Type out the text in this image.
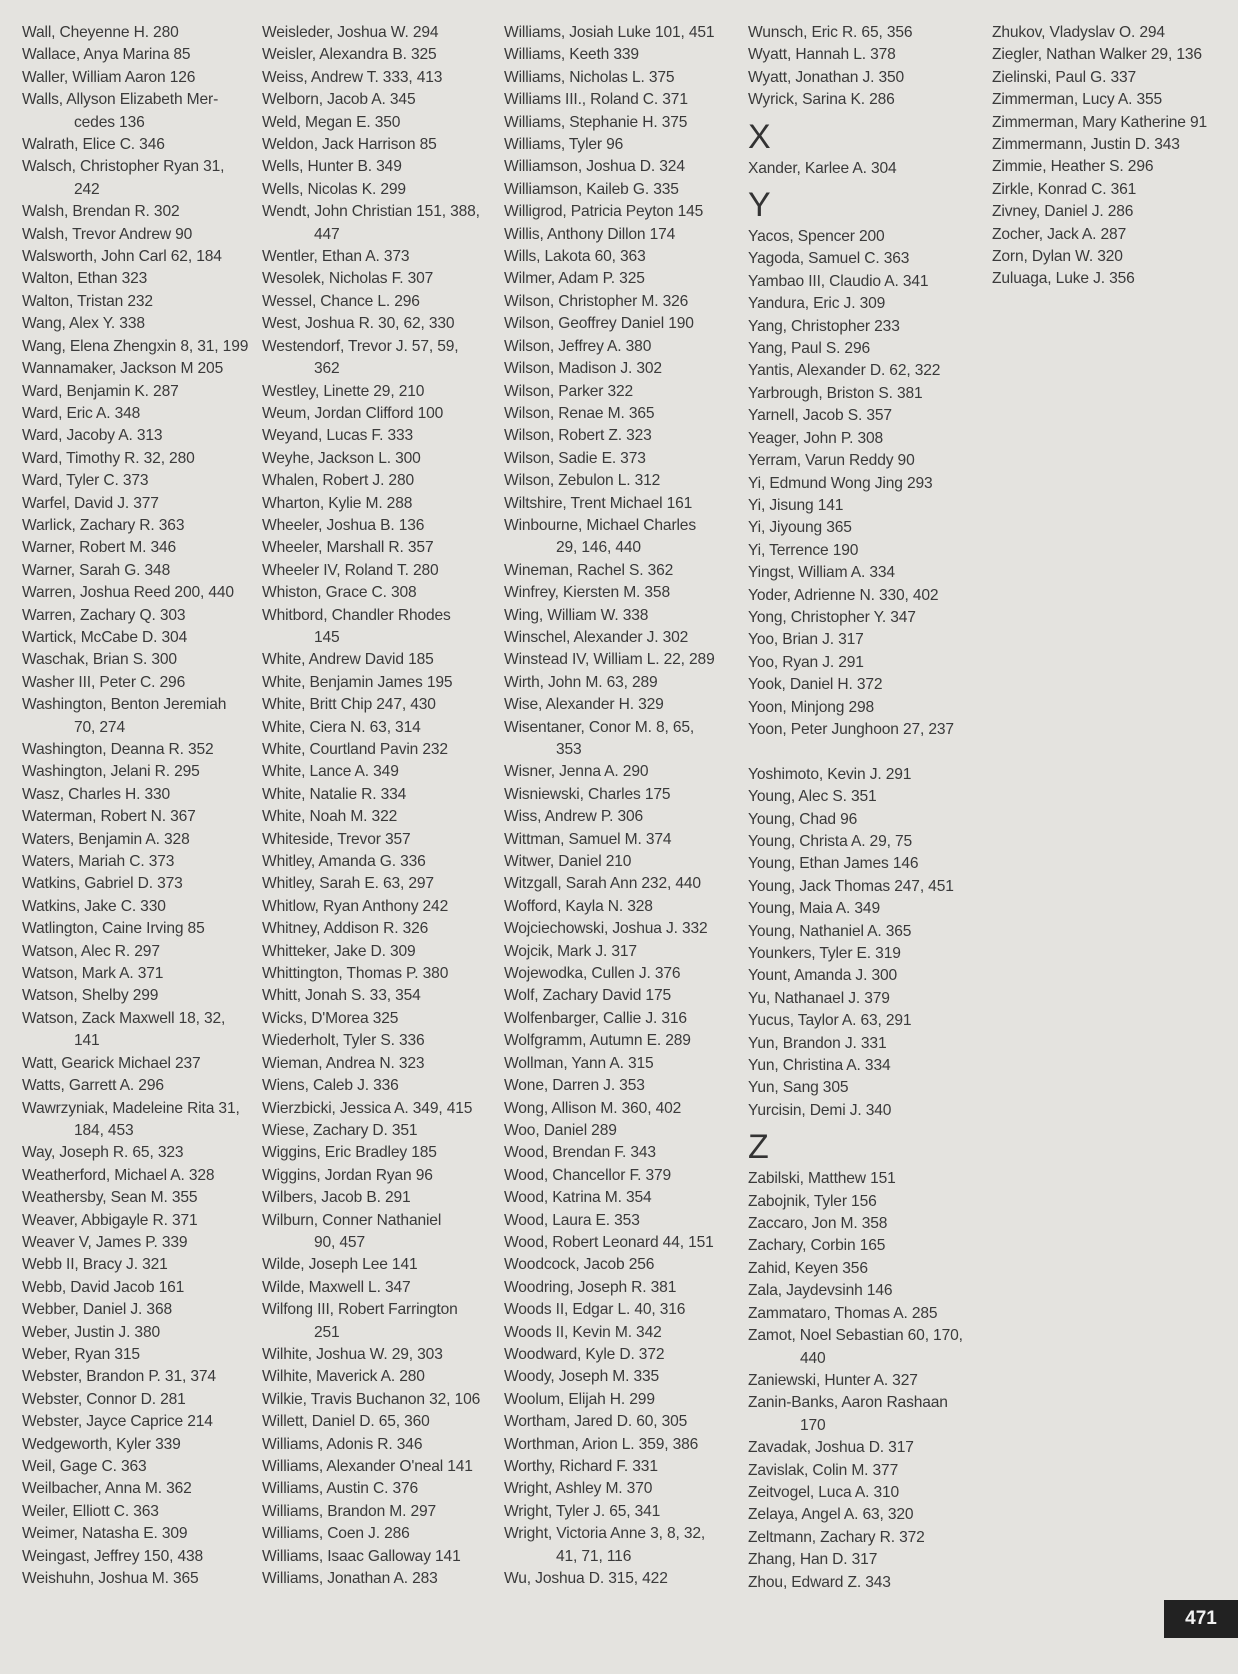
Wall, Cheyenne H. 280
Wallace, Anya Marina 85
Waller, William Aaron 126
Walls, Allyson Elizabeth Mer-
cedes 136
Walrath, Elice C. 346
Walsch, Christopher Ryan 31,
242
Walsh, Brendan R. 302
Walsh, Trevor Andrew 90
Walsworth, John Carl 62, 184
Walton, Ethan 323
Walton, Tristan 232
Wang, Alex Y. 338
Wang, Elena Zhengxin 8, 31, 199
Wannamaker, Jackson M 205
Ward, Benjamin K. 287
Ward, Eric A. 348
Ward, Jacoby A. 313
Ward, Timothy R. 32, 280
Ward, Tyler C. 373
Warfel, David J. 377
Warlick, Zachary R. 363
Warner, Robert M. 346
Warner, Sarah G. 348
Warren, Joshua Reed 200, 440
Warren, Zachary Q. 303
Wartick, McCabe D. 304
Waschak, Brian S. 300
Washer III, Peter C. 296
Washington, Benton Jeremiah
70, 274
Washington, Deanna R. 352
Washington, Jelani R. 295
Wasz, Charles H. 330
Waterman, Robert N. 367
Waters, Benjamin A. 328
Waters, Mariah C. 373
Watkins, Gabriel D. 373
Watkins, Jake C. 330
Watlington, Caine Irving 85
Watson, Alec R. 297
Watson, Mark A. 371
Watson, Shelby 299
Watson, Zack Maxwell 18, 32,
141
Watt, Gearick Michael 237
Watts, Garrett A. 296
Wawrzyniak, Madeleine Rita 31,
184, 453
Way, Joseph R. 65, 323
Weatherford, Michael A. 328
Weathersby, Sean M. 355
Weaver, Abbigayle R. 371
Weaver V, James P. 339
Webb II, Bracy J. 321
Webb, David Jacob 161
Webber, Daniel J. 368
Weber, Justin J. 380
Weber, Ryan 315
Webster, Brandon P. 31, 374
Webster, Connor D. 281
Webster, Jayce Caprice 214
Wedgeworth, Kyler 339
Weil, Gage C. 363
Weilbacher, Anna M. 362
Weiler, Elliott C. 363
Weimer, Natasha E. 309
Weingast, Jeffrey 150, 438
Weishuhn, Joshua M. 365
Weisleder, Joshua W. 294
Weisler, Alexandra B. 325
Weiss, Andrew T. 333, 413
Welborn, Jacob A. 345
Weld, Megan E. 350
Weldon, Jack Harrison 85
Wells, Hunter B. 349
Wells, Nicolas K. 299
Wendt, John Christian 151, 388,
447
Wentler, Ethan A. 373
Wesolek, Nicholas F. 307
Wessel, Chance L. 296
West, Joshua R. 30, 62, 330
Westendorf, Trevor J. 57, 59,
362
Westley, Linette 29, 210
Weum, Jordan Clifford 100
Weyand, Lucas F. 333
Weyhe, Jackson L. 300
Whalen, Robert J. 280
Wharton, Kylie M. 288
Wheeler, Joshua B. 136
Wheeler, Marshall R. 357
Wheeler IV, Roland T. 280
Whiston, Grace C. 308
Whitbord, Chandler Rhodes
145
White, Andrew David 185
White, Benjamin James 195
White, Britt Chip 247, 430
White, Ciera N. 63, 314
White, Courtland Pavin 232
White, Lance A. 349
White, Natalie R. 334
White, Noah M. 322
Whiteside, Trevor 357
Whitley, Amanda G. 336
Whitley, Sarah E. 63, 297
Whitlow, Ryan Anthony 242
Whitney, Addison R. 326
Whitteker, Jake D. 309
Whittington, Thomas P. 380
Whitt, Jonah S. 33, 354
Wicks, D'Morea 325
Wiederholt, Tyler S. 336
Wieman, Andrea N. 323
Wiens, Caleb J. 336
Wierzbicki, Jessica A. 349, 415
Wiese, Zachary D. 351
Wiggins, Eric Bradley 185
Wiggins, Jordan Ryan 96
Wilbers, Jacob B. 291
Wilburn, Conner Nathaniel
90, 457
Wilde, Joseph Lee 141
Wilde, Maxwell L. 347
Wilfong III, Robert Farrington
251
Wilhite, Joshua W. 29, 303
Wilhite, Maverick A. 280
Wilkie, Travis Buchanon 32, 106
Willett, Daniel D. 65, 360
Williams, Adonis R. 346
Williams, Alexander O'neal 141
Williams, Austin C. 376
Williams, Brandon M. 297
Williams, Coen J. 286
Williams, Isaac Galloway 141
Williams, Jonathan A. 283
Williams, Josiah Luke 101, 451
Williams, Keeth 339
Williams, Nicholas L. 375
Williams III., Roland C. 371
Williams, Stephanie H. 375
Williams, Tyler 96
Williamson, Joshua D. 324
Williamson, Kaileb G. 335
Willigrod, Patricia Peyton 145
Willis, Anthony Dillon 174
Wills, Lakota 60, 363
Wilmer, Adam P. 325
Wilson, Christopher M. 326
Wilson, Geoffrey Daniel 190
Wilson, Jeffrey A. 380
Wilson, Madison J. 302
Wilson, Parker 322
Wilson, Renae M. 365
Wilson, Robert Z. 323
Wilson, Sadie E. 373
Wilson, Zebulon L. 312
Wiltshire, Trent Michael 161
Winbourne, Michael Charles
29, 146, 440
Wineman, Rachel S. 362
Winfrey, Kiersten M. 358
Wing, William W. 338
Winschel, Alexander J. 302
Winstead IV, William L. 22, 289
Wirth, John M. 63, 289
Wise, Alexander H. 329
Wisentaner, Conor M. 8, 65,
353
Wisner, Jenna A. 290
Wisniewski, Charles 175
Wiss, Andrew P. 306
Wittman, Samuel M. 374
Witwer, Daniel 210
Witzgall, Sarah Ann 232, 440
Wofford, Kayla N. 328
Wojciechowski, Joshua J. 332
Wojcik, Mark J. 317
Wojewodka, Cullen J. 376
Wolf, Zachary David 175
Wolfenbarger, Callie J. 316
Wolfgramm, Autumn E. 289
Wollman, Yann A. 315
Wone, Darren J. 353
Wong, Allison M. 360, 402
Woo, Daniel 289
Wood, Brendan F. 343
Wood, Chancellor F. 379
Wood, Katrina M. 354
Wood, Laura E. 353
Wood, Robert Leonard 44, 151
Woodcock, Jacob 256
Woodring, Joseph R. 381
Woods II, Edgar L. 40, 316
Woods II, Kevin M. 342
Woodward, Kyle D. 372
Woody, Joseph M. 335
Woolum, Elijah H. 299
Wortham, Jared D. 60, 305
Worthman, Arion L. 359, 386
Worthy, Richard F. 331
Wright, Ashley M. 370
Wright, Tyler J. 65, 341
Wright, Victoria Anne 3, 8, 32,
41, 71, 116
Wu, Joshua D. 315, 422
Wunsch, Eric R. 65, 356
Wyatt, Hannah L. 378
Wyatt, Jonathan J. 350
Wyrick, Sarina K. 286
X
Xander, Karlee A. 304
Y
Yacos, Spencer 200
Yagoda, Samuel C. 363
Yambao III, Claudio A. 341
Yandura, Eric J. 309
Yang, Christopher 233
Yang, Paul S. 296
Yantis, Alexander D. 62, 322
Yarbrough, Briston S. 381
Yarnell, Jacob S. 357
Yeager, John P. 308
Yerram, Varun Reddy 90
Yi, Edmund Wong Jing 293
Yi, Jisung 141
Yi, Jiyoung 365
Yi, Terrence 190
Yingst, William A. 334
Yoder, Adrienne N. 330, 402
Yong, Christopher Y. 347
Yoo, Brian J. 317
Yoo, Ryan J. 291
Yook, Daniel H. 372
Yoon, Minjong 298
Yoon, Peter Junghoon 27, 237
Yoshimoto, Kevin J. 291
Young, Alec S. 351
Young, Chad 96
Young, Christa A. 29, 75
Young, Ethan James 146
Young, Jack Thomas 247, 451
Young, Maia A. 349
Young, Nathaniel A. 365
Younkers, Tyler E. 319
Yount, Amanda J. 300
Yu, Nathanael J. 379
Yucus, Taylor A. 63, 291
Yun, Brandon J. 331
Yun, Christina A. 334
Yun, Sang 305
Yurcisin, Demi J. 340
Z
Zabilski, Matthew 151
Zabojnik, Tyler 156
Zaccaro, Jon M. 358
Zachary, Corbin 165
Zahid, Keyen 356
Zala, Jaydevsinh 146
Zammataro, Thomas A. 285
Zamot, Noel Sebastian 60, 170,
440
Zaniewski, Hunter A. 327
Zanin-Banks, Aaron Rashaan
170
Zavadak, Joshua D. 317
Zavislak, Colin M. 377
Zeitvogel, Luca A. 310
Zelaya, Angel A. 63, 320
Zeltmann, Zachary R. 372
Zhang, Han D. 317
Zhou, Edward Z. 343
Zhukov, Vladyslav O. 294
Ziegler, Nathan Walker 29, 136
Zielinski, Paul G. 337
Zimmerman, Lucy A. 355
Zimmerman, Mary Katherine 91
Zimmermann, Justin D. 343
Zimmie, Heather S. 296
Zirkle, Konrad C. 361
Zivney, Daniel J. 286
Zocher, Jack A. 287
Zorn, Dylan W. 320
Zuluaga, Luke J. 356
471
